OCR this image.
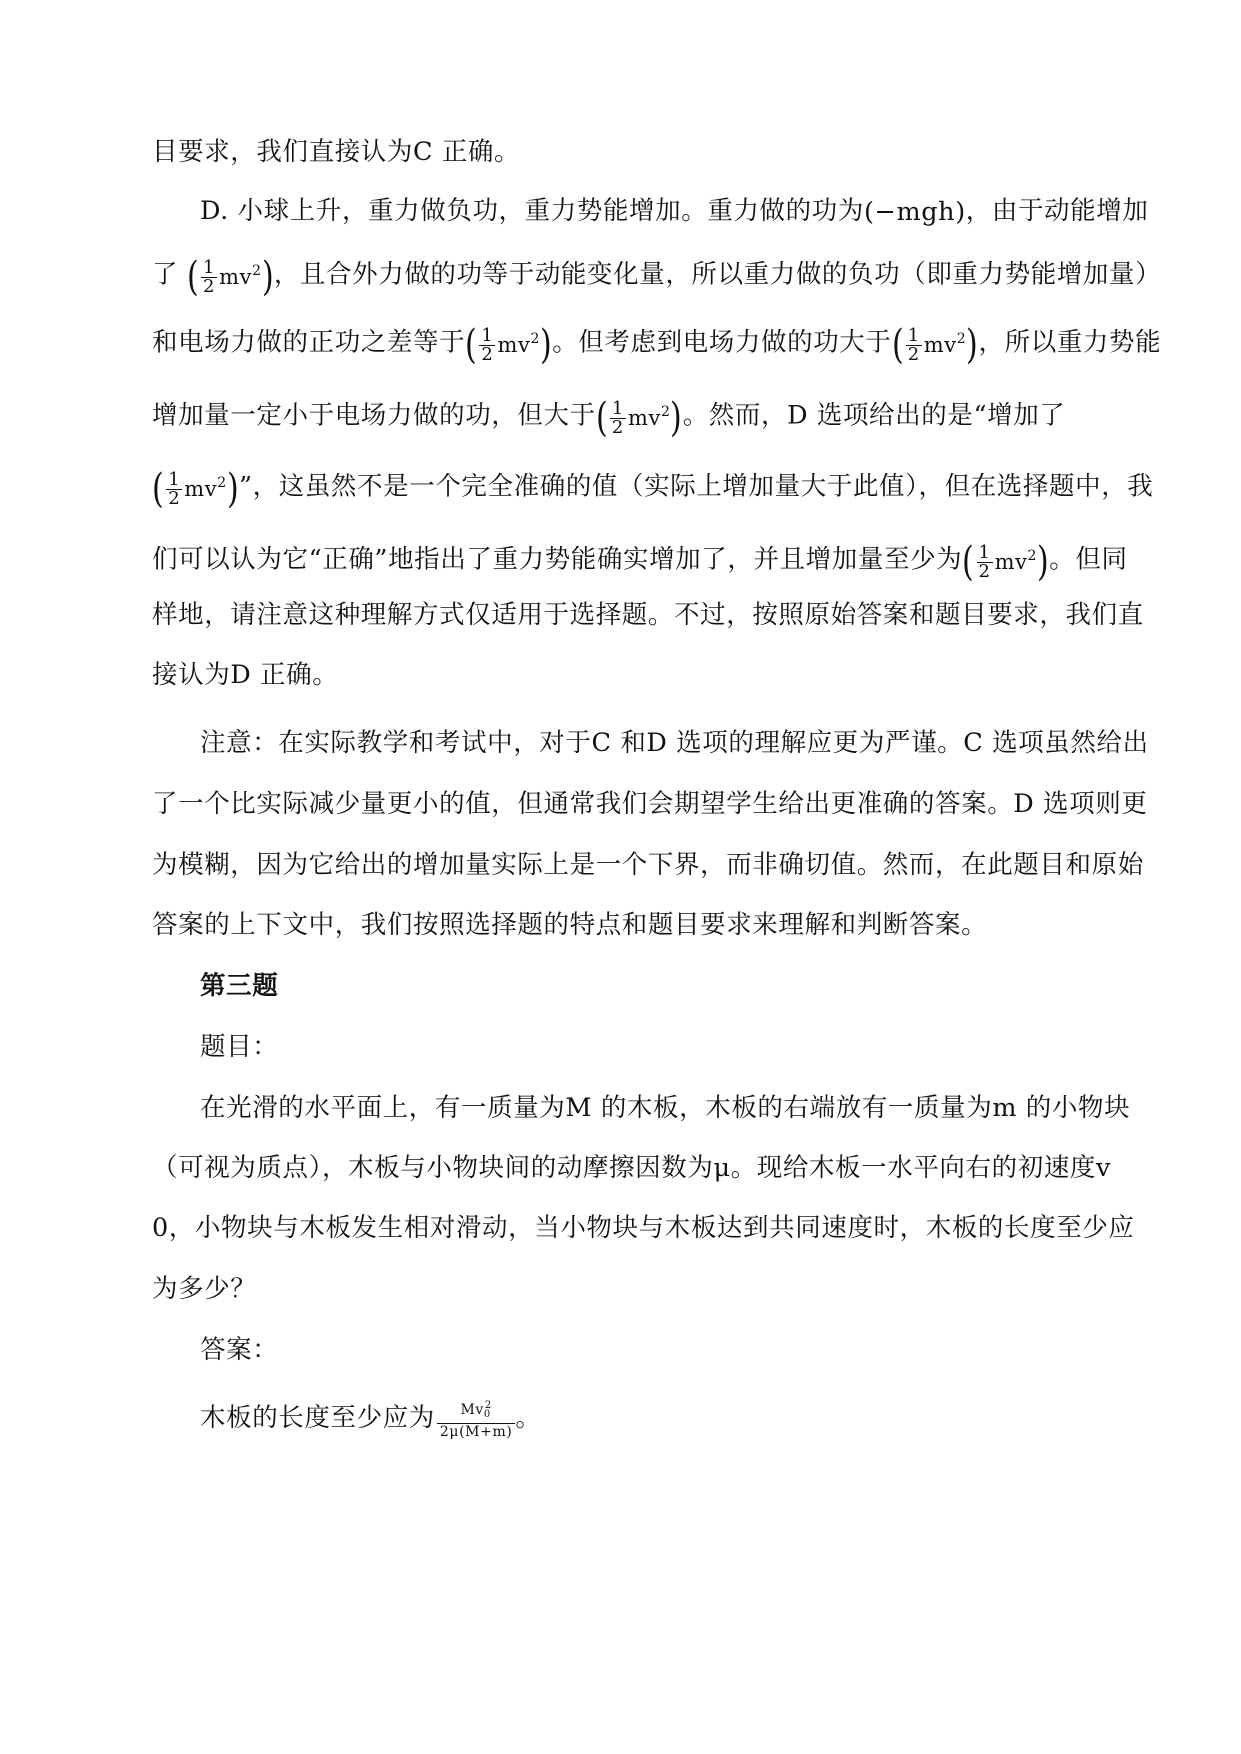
目要求，我们直接认为C 正确。
D. 小球上升，重力做负功，重力势能增加。重力做的功为(−mgh)，由于动能增加
了 ( $\frac{1}{2} mv^2$)，且合外力做的功等于动能变化量，所以重力做的负功（即重力势能增加量）
和电场力做的正功之差等于( $\frac{1}{2} mv^2$)。但考虑到电场力做的功大于( $\frac{1}{2} mv^2$)，所以重力势能
增加量一定小于电场力做的功，但大于( $\frac{1}{2} mv^2$)。然而，D 选项给出的是“增加了
( $\frac{1}{2} mv^2$)”，这虽然不是一个完全准确的值（实际上增加量大于此值），但在选择题中，我
们可以认为它“正确”地指出了重力势能确实增加了，并且增加量至少为( $\frac{1}{2} mv^2$)。但同
样地，请注意这种理解方式仅适用于选择题。不过，按照原始答案和题目要求，我们直
接认为D 正确。
注意：在实际教学和考试中，对于C 和D 选项的理解应更为严谨。C 选项虽然给出
了一个比实际减少量更小的值，但通常我们会期望学生给出更准确的答案。D 选项则更
为模糊，因为它给出的增加量实际上是一个下界，而非确切值。然而，在此题目和原始
答案的上下文中，我们按照选择题的特点和题目要求来理解和判断答案。
第三题
题目：
在光滑的水平面上，有一质量为M 的木板，木板的右端放有一质量为m 的小物块
（可视为质点），木板与小物块间的动摩擦因数为μ。现给木板一水平向右的初速度v
0，小物块与木板发生相对滑动，当小物块与木板达到共同速度时，木板的长度至少应
为多少？
答案：
木板的长度至少应为 $\frac{Mv_0^2}{2\mu(M+m)}$ 。
